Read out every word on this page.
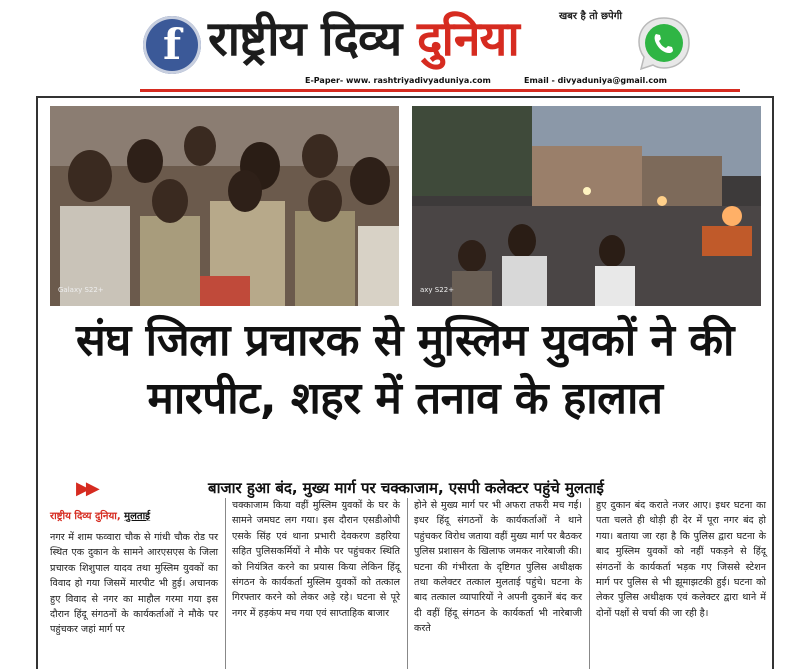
f राष्ट्रीय दिव्य दुनिया	खबर है तो छपेगी
E-Paper- www. rashtriyadivyaduniya.com	Email - divyaduniya@gmail.com
Galaxy S22+	axy S22+
संघ जिला प्रचारक से मुस्लिम युवकों ने की मारपीट, शहर में तनाव के हालात
▶▶	बाजार हुआ बंद, मुख्य मार्ग पर चक्काजाम, एसपी कलेक्टर पहुंचे मुलताई
राष्ट्रीय दिव्य दुनिया, मुलताई
नगर में शाम फव्वारा चौक से गांधी चौक रोड पर स्थित एक दुकान के सामने आरएसएस के जिला प्रचारक शिशुपाल यादव तथा मुस्लिम युवकों का विवाद हो गया जिसमें मारपीट भी हुई। अचानक हुए विवाद से नगर का माहौल गरमा गया इस दौरान हिंदू संगठनों के कार्यकर्ताओं ने मौके पर पहुंचकर जहां मार्ग पर
चक्काजाम किया वहीं मुस्लिम युवकों के घर के सामने जमघट लग गया। इस दौरान एसडीओपी एसके सिंह एवं थाना प्रभारी देवकरण डहरिया सहित पुलिसकर्मियों ने मौके पर पहुंचकर स्थिति को नियंत्रित करने का प्रयास किया लेकिन हिंदू संगठन के कार्यकर्ता मुस्लिम युवकों को तत्काल गिरफ्तार करने को लेकर अड़े रहे। घटना से पूरे नगर में हड़कंप मच गया एवं साप्ताहिक बाजार
होने से मुख्य मार्ग पर भी अफरा तफरी मच गई। इधर हिंदू संगठनों के कार्यकर्ताओं ने थाने पहुंचकर विरोध जताया वहीं मुख्य मार्ग पर बैठकर पुलिस प्रशासन के खिलाफ जमकर नारेबाजी की। घटना की गंभीरता के दृष्टिगत पुलिस अधीक्षक तथा कलेक्टर तत्काल मुलताई पहुंचे। घटना के बाद तत्काल व्यापारियों ने अपनी दुकानें बंद कर दी वहीं हिंदू संगठन के कार्यकर्ता भी नारेबाजी करते
हुए दुकान बंद कराते नजर आए। इधर घटना का पता चलते ही थोड़ी ही देर में पूरा नगर बंद हो गया। बताया जा रहा है कि पुलिस द्वारा घटना के बाद मुस्लिम युवकों को नहीं पकड़ने से हिंदू संगठनों के कार्यकर्ता भड़क गए जिससे स्टेशन मार्ग पर पुलिस से भी झूमाझटकी हुई। घटना को लेकर पुलिस अधीक्षक एवं कलेक्टर द्वारा थाने में दोनों पक्षों से चर्चा की जा रही है।
